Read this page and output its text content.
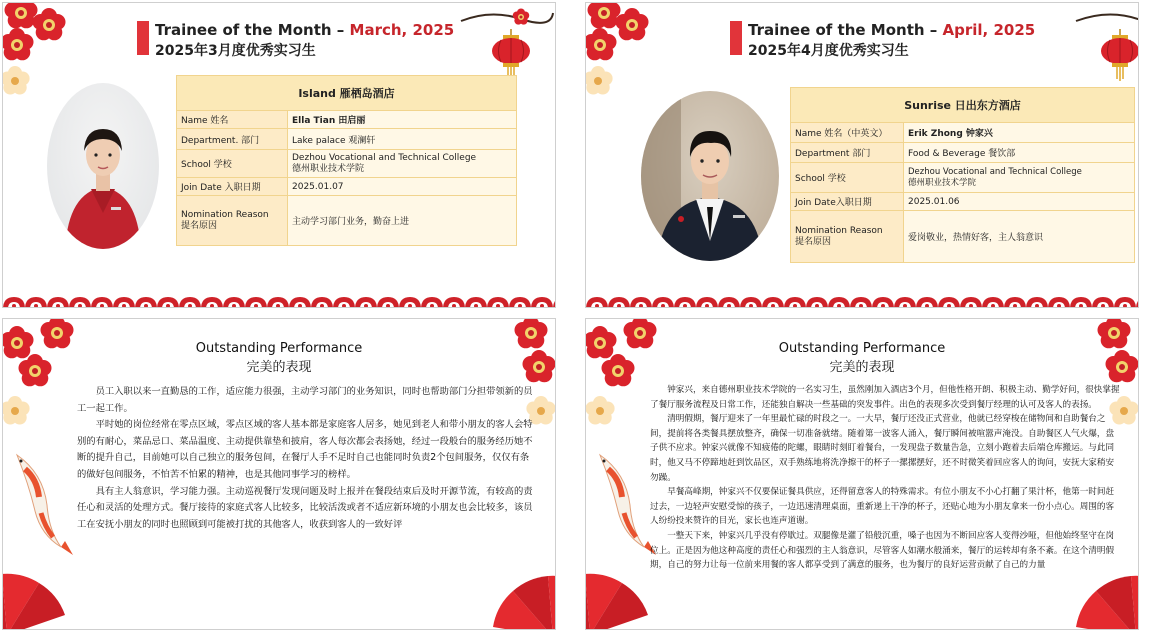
Trainee of the Month – March, 2025
2025年3月度优秀实习生
Island 雁栖岛酒店	
Name 姓名	Ella Tian 田启丽
Department. 部门	Lake palace 观澜轩
School 学校	Dezhou Vocational and Technical College
德州职业技术学院
Join Date 入职日期	2025.01.07
Nomination Reason
提名原因	主动学习部门业务，勤奋上进
Outstanding Performance
完美的表现

员工入职以来一直勤恳的工作，适应能力很强，主动学习部门的业务知识，同时也帮助部门分担带领新的员工一起工作。

平时她的岗位经常在零点区域，零点区域的客人基本都是家庭客人居多，她见到老人和带小朋友的客人会特别的有耐心，菜品忌口、菜品温度、主动提供靠垫和披肩，客人每次都会表扬她，经过一段般台的服务经历她不断的提升自己，目前她可以自己独立的服务包间，在餐厅人手不足时自己也能同时负责2个包间服务，仅仅有条的做好包间服务，不怕苦不怕累的精神，也是其他同事学习的榜样。

具有主人翁意识，学习能力强。主动巡视餐厅发现问题及时上报并在餐段结束后及时开源节流，有较高的责任心和灵活的处理方式。餐厅接待的家庭式客人比较多，比较活泼或者不适应新环境的小朋友也会比较多，该员工在安抚小朋友的同时也照顾到可能被打扰的其他客人，收获到客人的一致好评

Trainee of the Month – April, 2025
2025年4月度优秀实习生
Sunrise 日出东方酒店	
Name 姓名（中英文）	Erik Zhong 钟家兴
Department 部门	Food & Beverage 餐饮部
School 学校	Dezhou Vocational and Technical College
德州职业技术学院
Join Date入职日期	2025.01.06
Nomination Reason
提名原因	爱岗敬业，热情好客，主人翁意识
Outstanding Performance
完美的表现

钟家兴，来自德州职业技术学院的一名实习生，虽然刚加入酒店3个月，但他性格开朗、积极主动、勤学好问，很快掌握了餐厅服务流程及日常工作，还能独自解决一些基础的突发事件。出色的表现多次受到餐厅经理的认可及客人的表扬。

清明假期，餐厅迎来了一年里最忙碌的时段之一。一大早，餐厅还没正式营业，他就已经穿梭在储物间和自助餐台之间，提前将各类餐具摆放整齐，确保一切准备就绪。随着第一波客人涌入，餐厅瞬间被喧嚣声淹没。自助餐区人气火爆，盘子供不应求。钟家兴就像不知疲倦的陀螺，眼睛时刻盯着餐台，一发现盘子数量告急，立刻小跑着去后端仓库搬运。与此同时，他又马不停蹄地赶到饮品区，双手熟练地将洗净擦干的杯子一摞摞摆好，还不时微笑着回应客人的询问，安抚大家稍安勿躁。

早餐高峰期，钟家兴不仅要保证餐具供应，还得留意客人的特殊需求。有位小朋友不小心打翻了果汁杯，他第一时间赶过去，一边轻声安慰受惊的孩子，一边迅速清理桌面，重新递上干净的杯子，还贴心地为小朋友拿来一份小点心。周围的客人纷纷投来赞许的目光，家长也连声道谢。

一整天下来，钟家兴几乎没有停歇过。双腿像是灌了铅般沉重，嗓子也因为不断回应客人变得沙哑，但他始终坚守在岗位上。正是因为他这种高度的责任心和强烈的主人翁意识，尽管客人如潮水般涌来，餐厅的运转却有条不紊。在这个清明假期，自己的努力让每一位前来用餐的客人都享受到了满意的服务，也为餐厅的良好运营贡献了自己的力量
